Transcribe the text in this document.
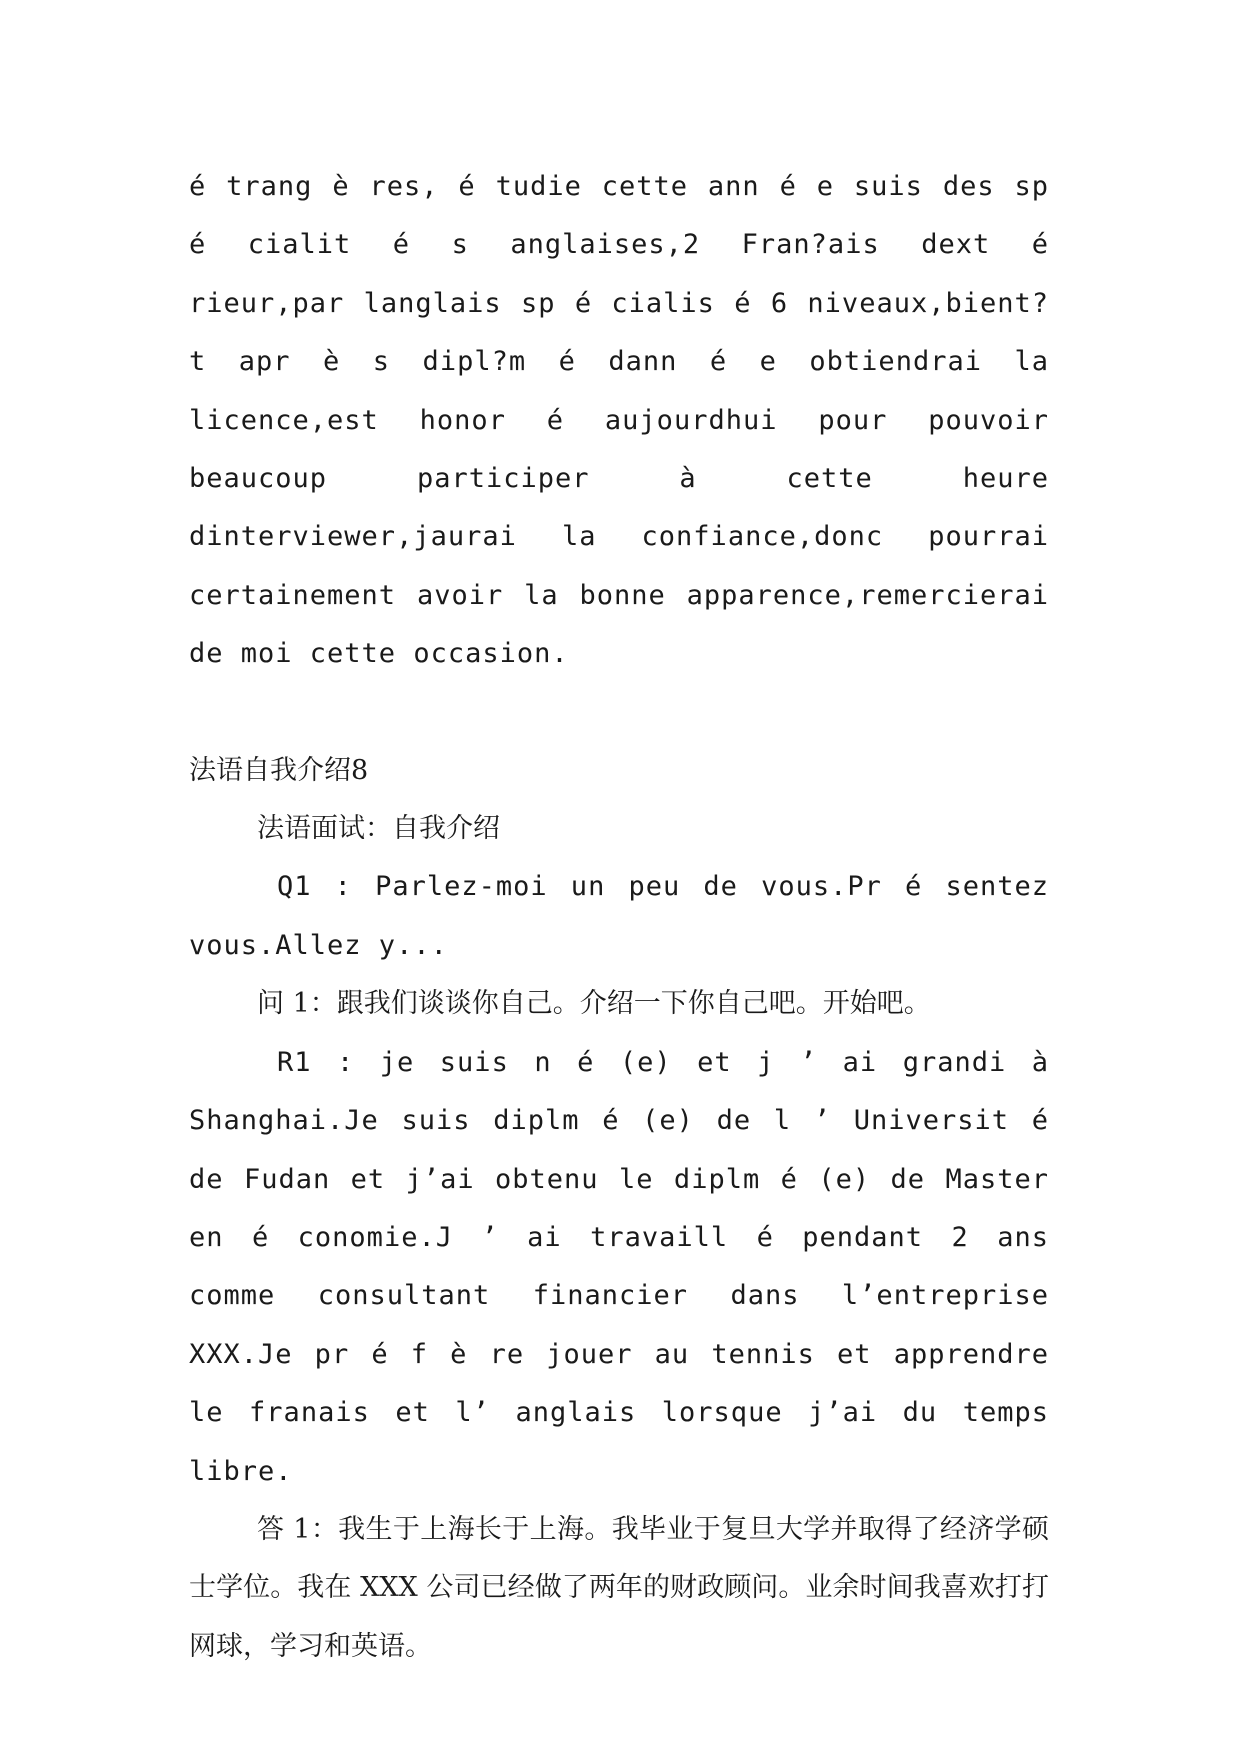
é trang è res, é tudie cette ann é e suis des sp é cialit é s anglaises,2 Fran?ais dext é rieur,par langlais sp é cialis é 6 niveaux,bient?t apr è s dipl?m é dann é e obtiendrai la licence,est honor é aujourdhui pour pouvoir beaucoup participer à cette heure dinterviewer,jaurai la confiance,donc pourrai certainement avoir la bonne apparence,remercierai de moi cette occasion.

法语自我介绍8

法语面试：自我介绍

Q1 : Parlez-moi un peu de vous.Pr é sentez vous.Allez y...

问 1：跟我们谈谈你自己。介绍一下你自己吧。开始吧。

R1 : je suis n é (e) et j ’ ai grandi à Shanghai.Je suis diplm é (e) de l ’ Universit é de Fudan et j’ai obtenu le diplm é (e) de Master en é conomie.J ’ ai travaill é pendant 2 ans comme consultant financier dans l’entreprise XXX.Je pr é f è re jouer au tennis et apprendre le franais et l’ anglais lorsque j’ai du temps libre.

答 1：我生于上海长于上海。我毕业于复旦大学并取得了经济学硕士学位。我在 XXX 公司已经做了两年的财政顾问。业余时间我喜欢打打网球，学习和英语。
